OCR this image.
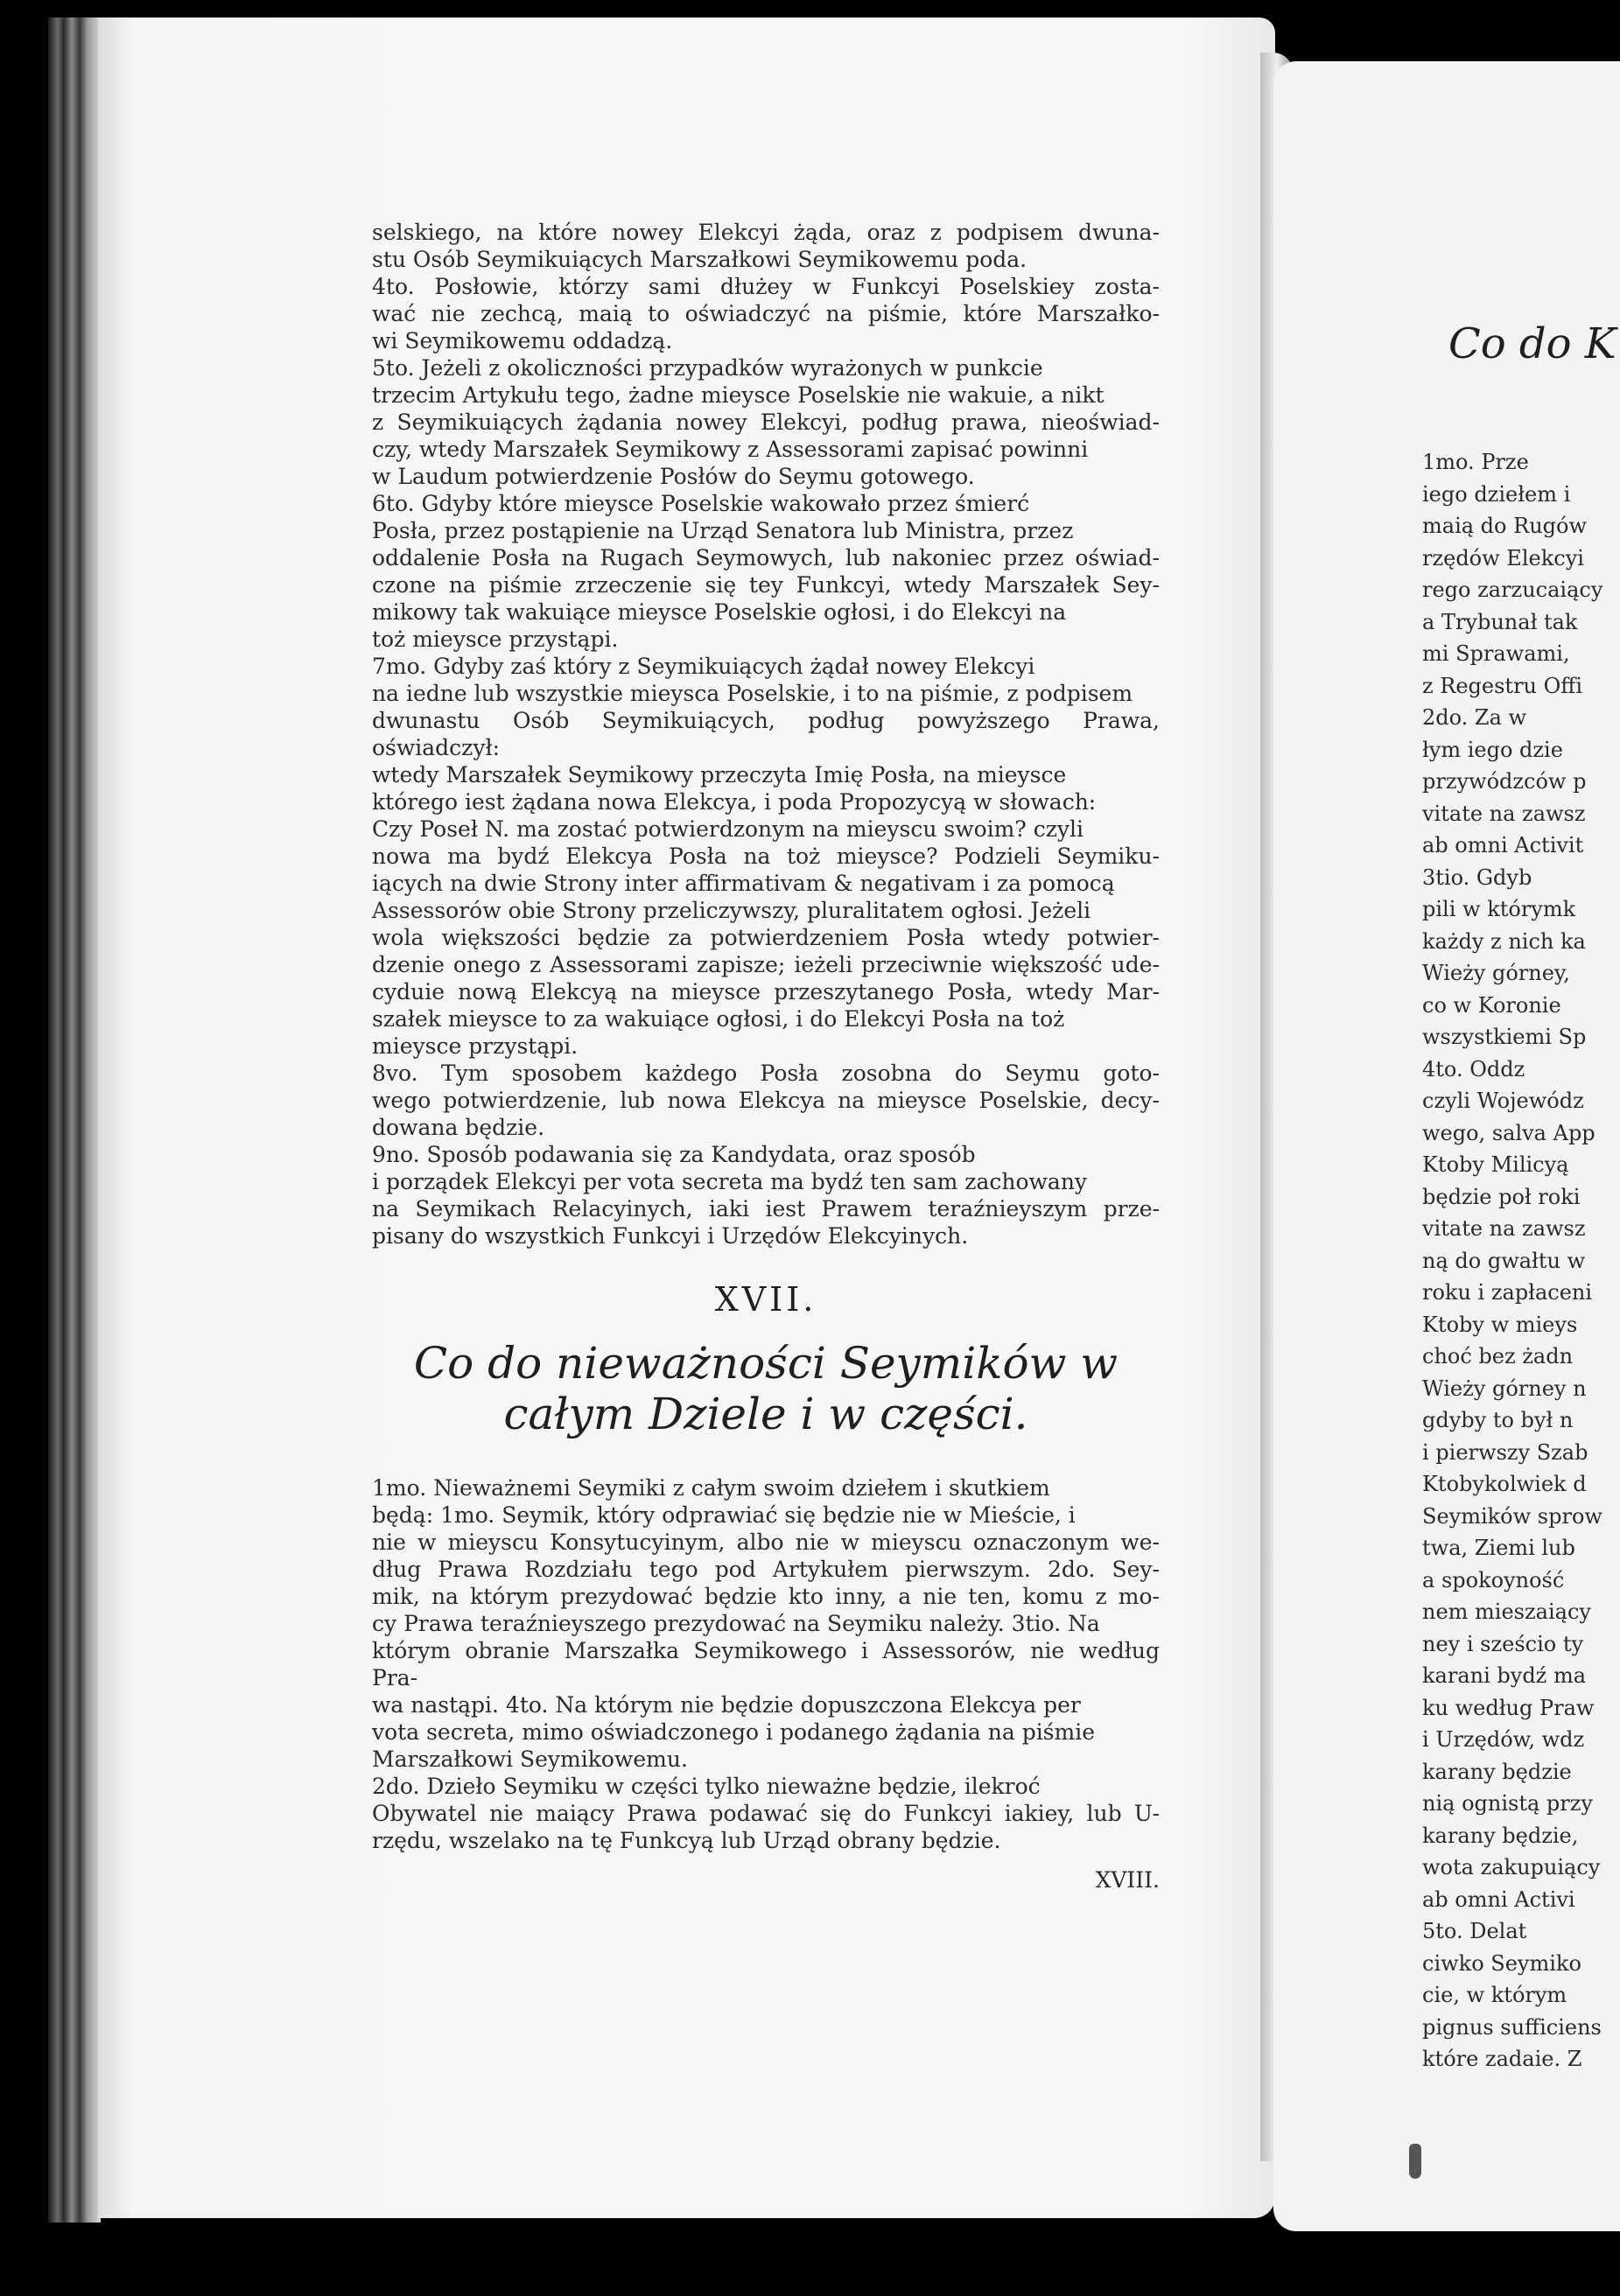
selskiego, na które nowey Elekcyi żąda, oraz z podpisem dwuna-
stu Osób Seymikuiących Marszałkowi Seymikowemu poda.
4to. Posłowie, którzy sami dłużey w Funkcyi Poselskiey zosta-
wać nie zechcą, maią to oświadczyć na piśmie, które Marszałko-
wi Seymikowemu oddadzą.
5to. Jeżeli z okoliczności przypadków wyrażonych w punkcie
trzecim Artykułu tego, żadne mieysce Poselskie nie wakuie, a nikt
z Seymikuiących żądania nowey Elekcyi, podług prawa, nieoświad-
czy, wtedy Marszałek Seymikowy z Assessorami zapisać powinni
w Laudum potwierdzenie Posłów do Seymu gotowego.
6to. Gdyby które mieysce Poselskie wakowało przez śmierć
Posła, przez postąpienie na Urząd Senatora lub Ministra, przez
oddalenie Posła na Rugach Seymowych, lub nakoniec przez oświad-
czone na piśmie zrzeczenie się tey Funkcyi, wtedy Marszałek Sey-
mikowy tak wakuiące mieysce Poselskie ogłosi, i do Elekcyi na
toż mieysce przystąpi.
7mo. Gdyby zaś który z Seymikuiących żądał nowey Elekcyi
na iedne lub wszystkie mieysca Poselskie, i to na piśmie, z podpisem
dwunastu Osób Seymikuiących, podług powyższego Prawa, oświadczył:
wtedy Marszałek Seymikowy przeczyta Imię Posła, na mieysce
którego iest żądana nowa Elekcya, i poda Propozycyą w słowach:
Czy Poseł N. ma zostać potwierdzonym na mieyscu swoim? czyli
nowa ma bydź Elekcya Posła na toż mieysce? Podzieli Seymiku-
iących na dwie Strony inter affirmativam & negativam i za pomocą
Assessorów obie Strony przeliczywszy, pluralitatem ogłosi. Jeżeli
wola większości będzie za potwierdzeniem Posła wtedy potwier-
dzenie onego z Assessorami zapisze; ieżeli przeciwnie większość ude-
cyduie nową Elekcyą na mieysce przeszytanego Posła, wtedy Mar-
szałek mieysce to za wakuiące ogłosi, i do Elekcyi Posła na toż
mieysce przystąpi.
8vo. Tym sposobem każdego Posła zosobna do Seymu goto-
wego potwierdzenie, lub nowa Elekcya na mieysce Poselskie, decy-
dowana będzie.
9no. Sposób podawania się za Kandydata, oraz sposób
i porządek Elekcyi per vota secreta ma bydź ten sam zachowany
na Seymikach Relacyinych, iaki iest Prawem teraźnieyszym prze-
pisany do wszystkich Funkcyi i Urzędów Elekcyinych.
XVII.
Co do nieważności Seymików w całym Dziele i w części.
1mo. Nieważnemi Seymiki z całym swoim dziełem i skutkiem
będą: 1mo. Seymik, który odprawiać się będzie nie w Mieście, i
nie w mieyscu Konsytucyinym, albo nie w mieyscu oznaczonym we-
dług Prawa Rozdziału tego pod Artykułem pierwszym. 2do. Sey-
mik, na którym prezydować będzie kto inny, a nie ten, komu z mo-
cy Prawa teraźnieyszego prezydować na Seymiku należy. 3tio. Na
którym obranie Marszałka Seymikowego i Assessorów, nie według Pra-
wa nastąpi. 4to. Na którym nie będzie dopuszczona Elekcya per
vota secreta, mimo oświadczonego i podanego żądania na piśmie
Marszałkowi Seymikowemu.
2do. Dzieło Seymiku w części tylko nieważne będzie, ilekroć
Obywatel nie maiący Prawa podawać się do Funkcyi iakiey, lub U-
rzędu, wszelako na tę Funkcyą lub Urząd obrany będzie.
XVIII.
Co do K
1mo. Prze
iego dziełem i
maią do Rugów
rzędów Elekcyi
rego zarzucaiący
a Trybunał tak
mi Sprawami,
z Regestru Offi
2do. Za w
łym iego dzie
przywódzców p
vitate na zawsz
ab omni Activit
3tio. Gdyb
pili w którymk
każdy z nich ka
Wieży górney,
co w Koronie
wszystkiemi Sp
4to. Oddz
czyli Wojewódz
wego, salva App
Ktoby Milicyą
będzie poł roki
vitate na zawsz
ną do gwałtu w
roku i zapłaceni
Ktoby w mieys
choć bez żadn
Wieży górney n
gdyby to był n
i pierwszy Szab
Ktobykolwiek d
Seymików sprow
twa, Ziemi lub
a spokoyność
nem mieszaiący
ney i sześcio ty
karani bydź ma
ku według Praw
i Urzędów, wdz
karany będzie
nią ognistą przy
karany będzie,
wota zakupuiący
ab omni Activi
5to. Delat
ciwko Seymiko
cie, w którym
pignus sufficiens
które zadaie. Z
